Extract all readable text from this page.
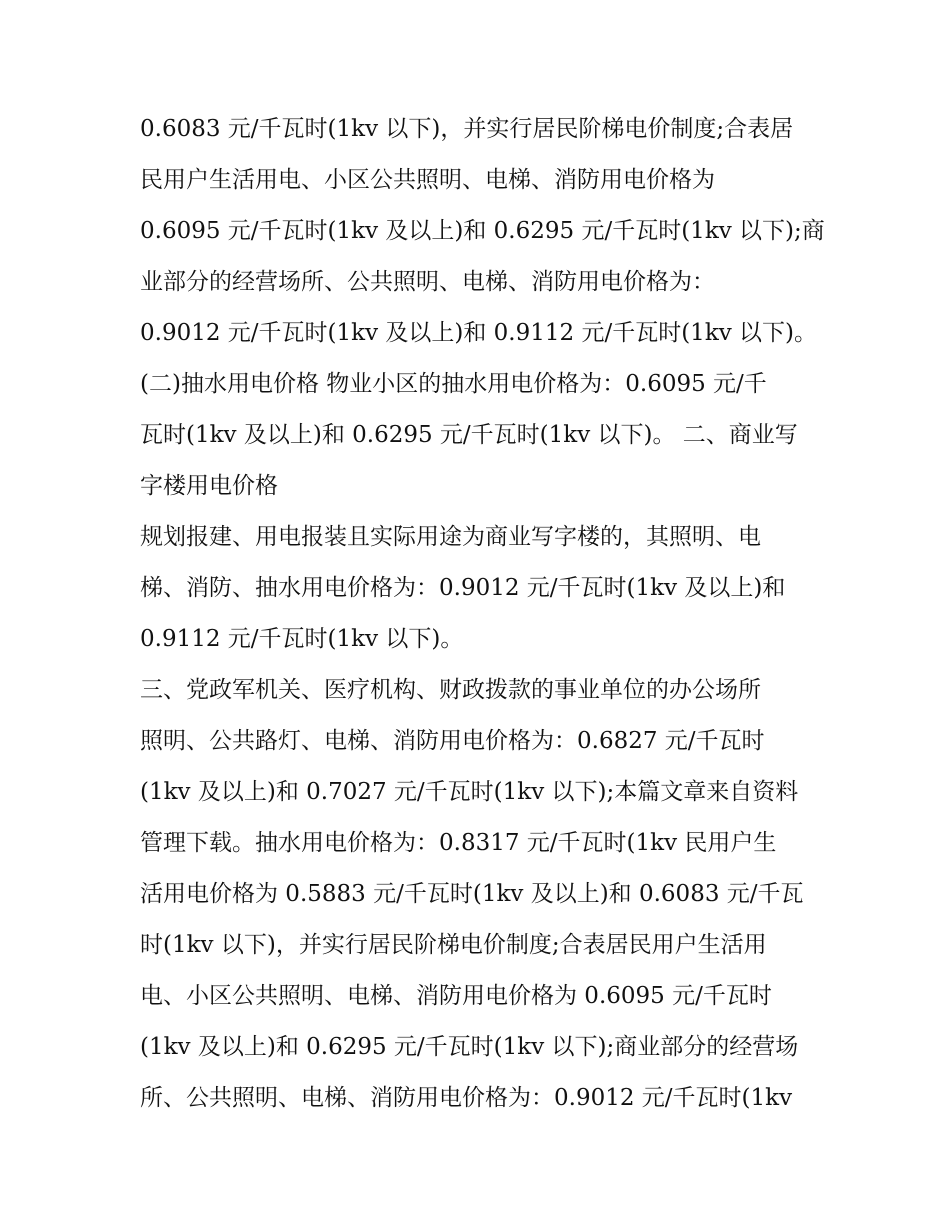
0.6083 元/千瓦时(1kv 以下)，并实行居民阶梯电价制度;合表居
民用户生活用电、小区公共照明、电梯、消防用电价格为
0.6095 元/千瓦时(1kv 及以上)和 0.6295 元/千瓦时(1kv 以下);商
业部分的经营场所、公共照明、电梯、消防用电价格为：
0.9012 元/千瓦时(1kv 及以上)和 0.9112 元/千瓦时(1kv 以下)。
(二)抽水用电价格 物业小区的抽水用电价格为：0.6095 元/千
瓦时(1kv 及以上)和 0.6295 元/千瓦时(1kv 以下)。 二、商业写
字楼用电价格
规划报建、用电报装且实际用途为商业写字楼的，其照明、电
梯、消防、抽水用电价格为：0.9012 元/千瓦时(1kv 及以上)和
0.9112 元/千瓦时(1kv 以下)。
三、党政军机关、医疗机构、财政拨款的事业单位的办公场所
照明、公共路灯、电梯、消防用电价格为：0.6827 元/千瓦时
(1kv 及以上)和 0.7027 元/千瓦时(1kv 以下);本篇文章来自资料
管理下载。抽水用电价格为：0.8317 元/千瓦时(1kv 民用户生
活用电价格为 0.5883 元/千瓦时(1kv 及以上)和 0.6083 元/千瓦
时(1kv 以下)，并实行居民阶梯电价制度;合表居民用户生活用
电、小区公共照明、电梯、消防用电价格为 0.6095 元/千瓦时
(1kv 及以上)和 0.6295 元/千瓦时(1kv 以下);商业部分的经营场
所、公共照明、电梯、消防用电价格为：0.9012 元/千瓦时(1kv
